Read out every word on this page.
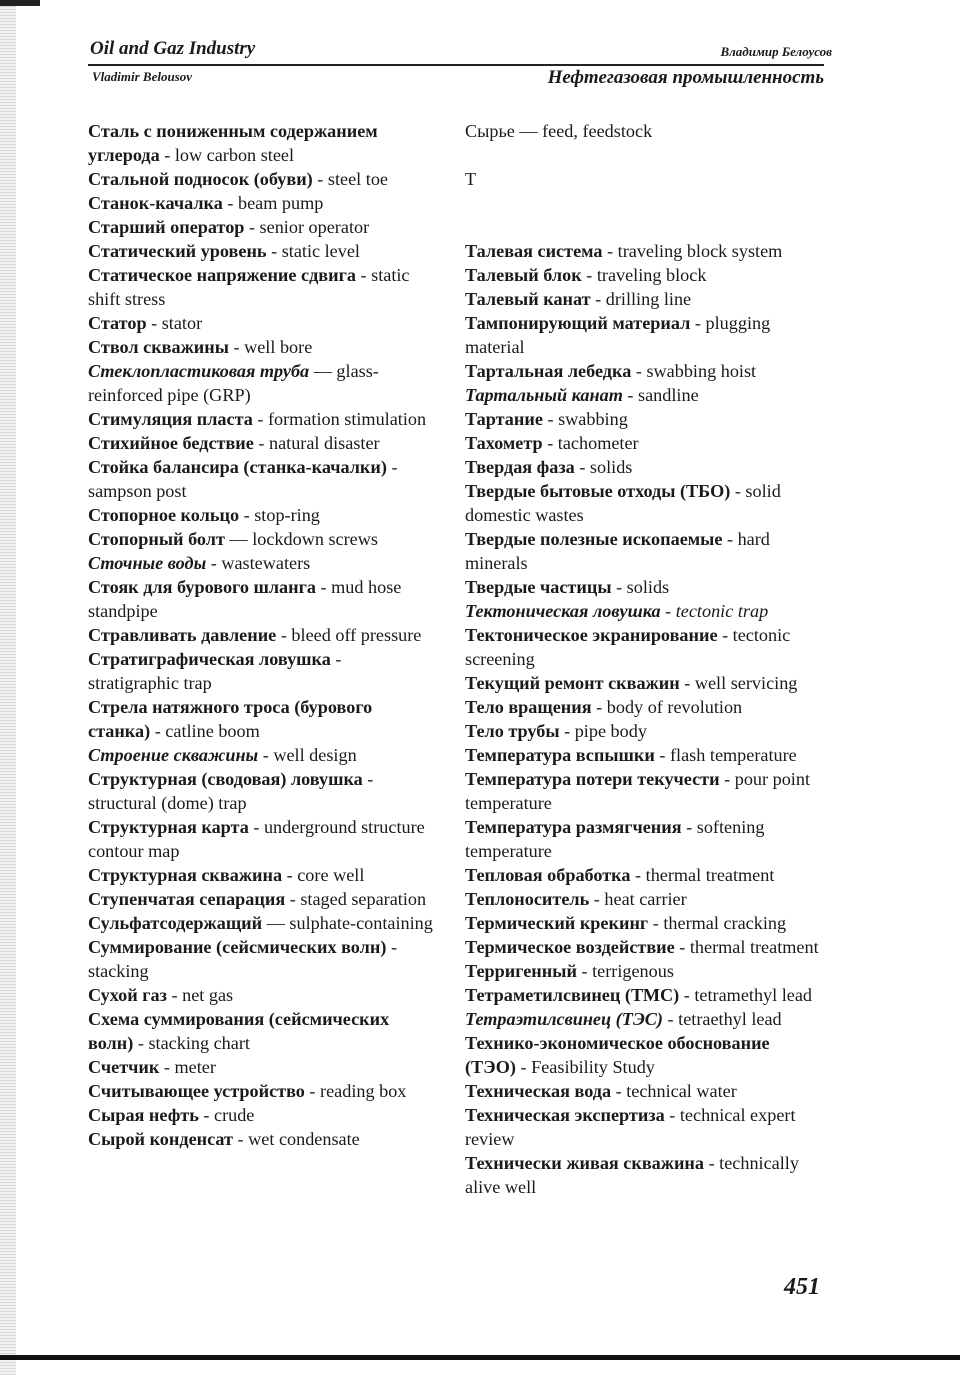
Oil and Gaz Industry	Владимир Белоусов
Vladimir Belousov	Нефтегазовая промышленность

Сталь с пониженным содержанием углерода - low carbon steel

Стальной подносок (обуви) - steel toe

Станок-качалка - beam pump

Старший оператор - senior operator

Статический уровень - static level

Статическое напряжение сдвига - static shift stress

Статор - stator

Ствол скважины - well bore

Стеклопластиковая труба — glass-reinforced pipe (GRP)

Стимуляция пласта - formation stimulation

Стихийное бедствие - natural disaster

Стойка балансира (станка-качалки) - sampson post

Стопорное кольцо - stop-ring

Стопорный болт — lockdown screws

Сточные воды - wastewaters

Стояк для бурового шланга - mud hose standpipe

Стравливать давление - bleed off pressure

Стратиграфическая ловушка - stratigraphic trap

Стрела натяжного троса (бурового станка) - catline boom

Строение скважины - well design

Структурная (сводовая) ловушка - structural (dome) trap

Структурная карта - underground structure contour map

Структурная скважина - core well

Ступенчатая сепарация - staged separation

Сульфатсодержащий — sulphate-containing

Суммирование (сейсмических волн) - stacking

Сухой газ - net gas

Схема суммирования (сейсмических волн) - stacking chart

Счетчик - meter

Считывающее устройство - reading box

Сырая нефть - crude

Сырой конденсат - wet condensate

Сырье — feed, feedstock

Т

Талевая система - traveling block system

Талевый блок - traveling block

Талевый канат - drilling line

Тампонирующий материал - plugging material

Тартальная лебедка - swabbing hoist

Тартальный канат - sandline

Тартание - swabbing

Тахометр - tachometer

Твердая фаза - solids

Твердые бытовые отходы (ТБО) - solid domestic wastes

Твердые полезные ископаемые - hard minerals

Твердые частицы - solids

Тектоническая ловушка - tectonic trap

Тектоническое экранирование - tectonic screening

Текущий ремонт скважин - well servicing

Тело вращения - body of revolution

Тело трубы - pipe body

Температура вспышки - flash temperature

Температура потери текучести - pour point temperature

Температура размягчения - softening temperature

Тепловая обработка - thermal treatment

Теплоноситель - heat carrier

Термический крекинг - thermal cracking

Термическое воздействие - thermal treatment

Терригенный - terrigenous

Тетраметилсвинец (ТМС) - tetramethyl lead

Тетраэтилсвинец (ТЭС) - tetraethyl lead

Технико-экономическое обоснование (ТЭО) - Feasibility Study

Техническая вода - technical water

Техническая экспертиза - technical expert review

Технически живая скважина - technically alive well

451
